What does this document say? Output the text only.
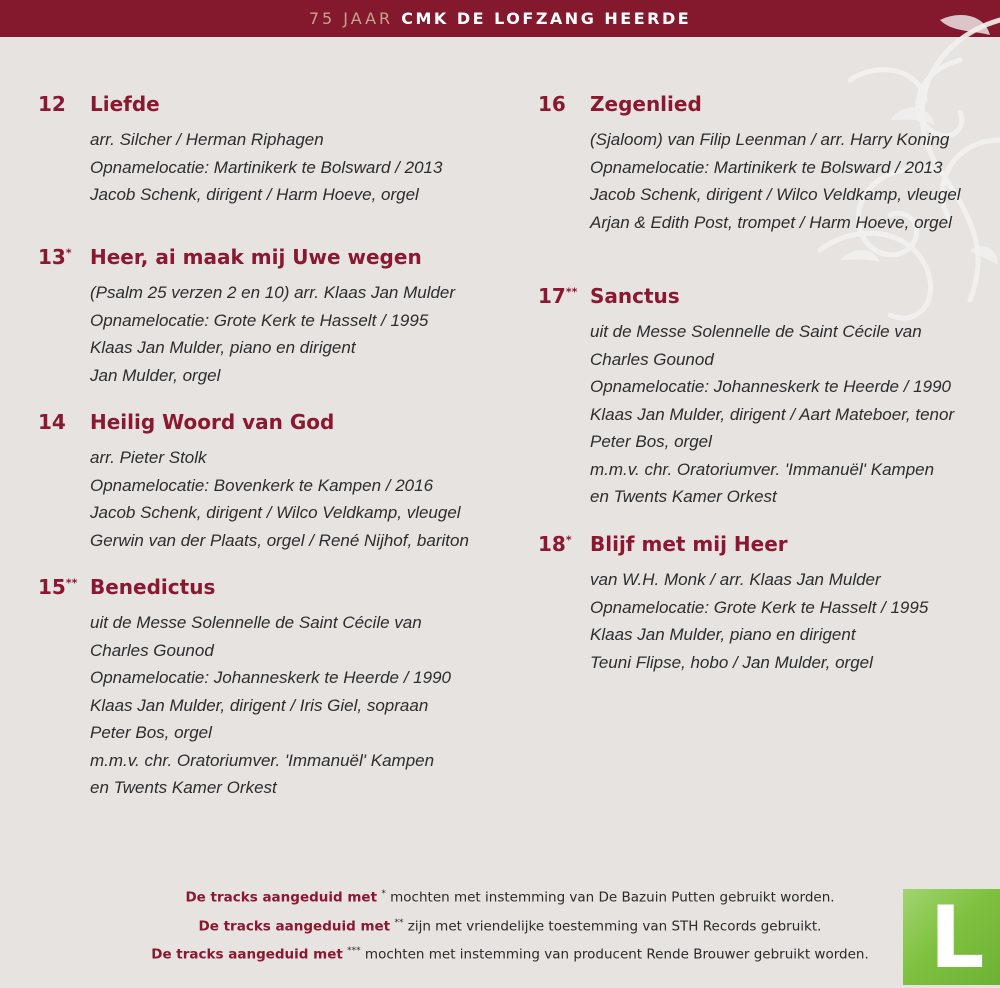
75 JAAR CMK DE LOFZANG HEERDE
12	Liefde
arr. Silcher / Herman Riphagen
Opnamelocatie: Martinikerk te Bolsward / 2013
Jacob Schenk, dirigent / Harm Hoeve, orgel
13* Heer, ai maak mij Uwe wegen
(Psalm 25 verzen 2 en 10) arr. Klaas Jan Mulder
Opnamelocatie: Grote Kerk te Hasselt / 1995
Klaas Jan Mulder, piano en dirigent
Jan Mulder, orgel
14	Heilig Woord van God
arr. Pieter Stolk
Opnamelocatie: Bovenkerk te Kampen / 2016
Jacob Schenk, dirigent / Wilco Veldkamp, vleugel
Gerwin van der Plaats, orgel / René Nijhof, bariton
15** Benedictus
uit de Messe Solennelle de Saint Cécile van
Charles Gounod
Opnamelocatie: Johanneskerk te Heerde / 1990
Klaas Jan Mulder, dirigent / Iris Giel, sopraan
Peter Bos, orgel
m.m.v. chr. Oratoriumver. 'Immanuël' Kampen
en Twents Kamer Orkest
16	Zegenlied
(Sjaloom) van Filip Leenman / arr. Harry Koning
Opnamelocatie: Martinikerk te Bolsward / 2013
Jacob Schenk, dirigent / Wilco Veldkamp, vleugel
Arjan & Edith Post, trompet / Harm Hoeve, orgel
17** Sanctus
uit de Messe Solennelle de Saint Cécile van
Charles Gounod
Opnamelocatie: Johanneskerk te Heerde / 1990
Klaas Jan Mulder, dirigent / Aart Mateboer, tenor
Peter Bos, orgel
m.m.v. chr. Oratoriumver. 'Immanuël' Kampen
en Twents Kamer Orkest
18* Blijf met mij Heer
van W.H. Monk / arr. Klaas Jan Mulder
Opnamelocatie: Grote Kerk te Hasselt / 1995
Klaas Jan Mulder, piano en dirigent
Teuni Flipse, hobo / Jan Mulder, orgel
De tracks aangeduid met * mochten met instemming van De Bazuin Putten gebruikt worden.
De tracks aangeduid met ** zijn met vriendelijke toestemming van STH Records gebruikt.
De tracks aangeduid met *** mochten met instemming van producent Rende Brouwer gebruikt worden. L
